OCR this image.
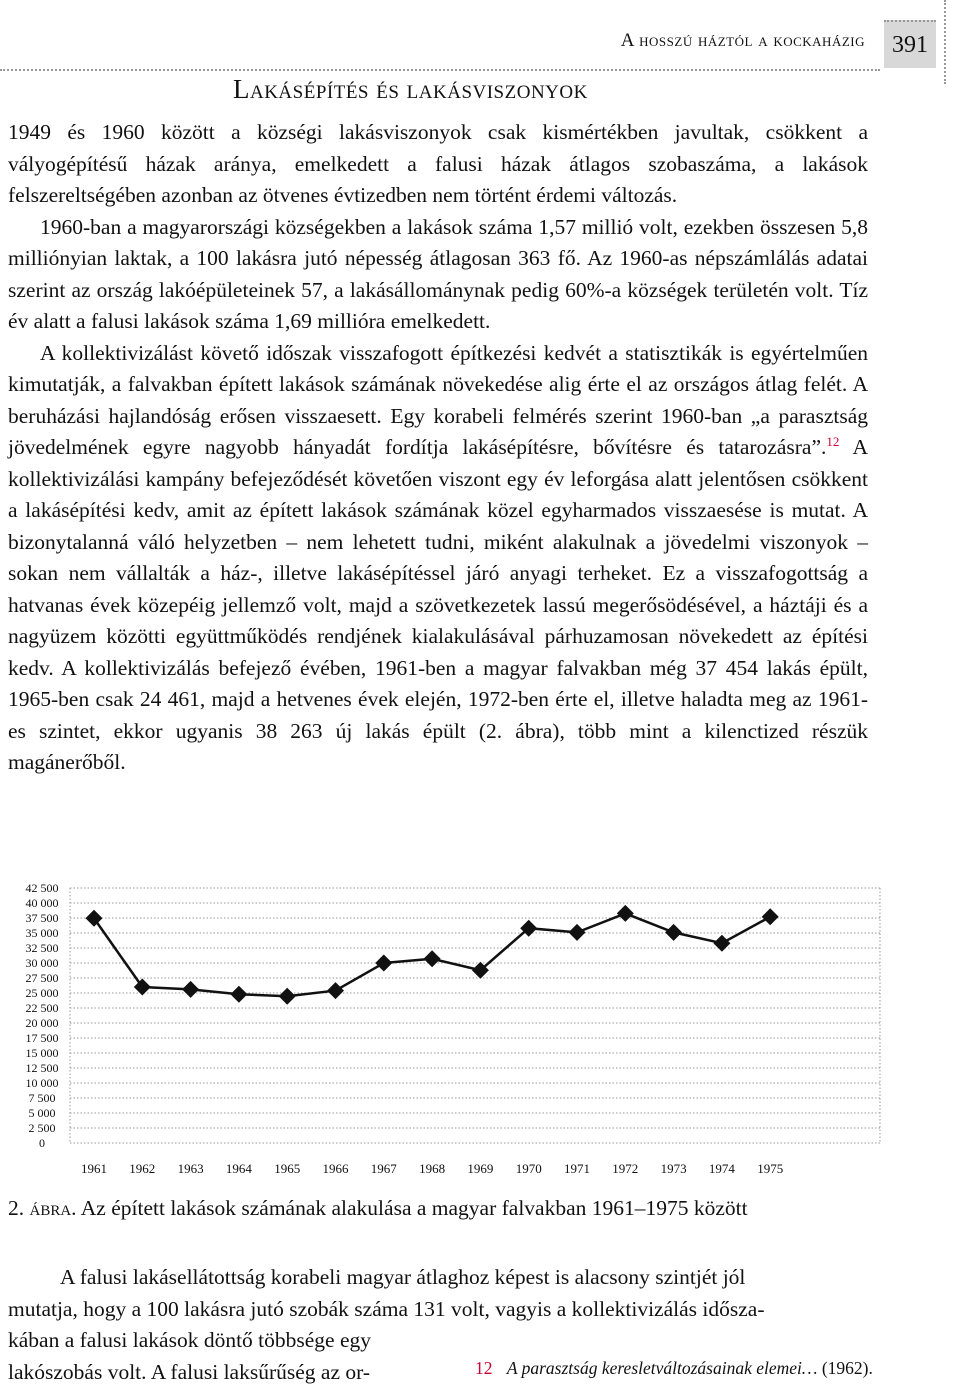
A hosszú háztól a kockaházig	391
Lakásépítés és lakásviszonyok

1949 és 1960 között a községi lakásviszonyok csak kismértékben javultak, csökkent a vályogépítésű házak aránya, emelkedett a falusi házak átlagos szobaszáma, a lakások felszereltségében azonban az ötvenes évtizedben nem történt érdemi változás.

1960-ban a magyarországi községekben a lakások száma 1,57 millió volt, ezekben összesen 5,8 milliónyian laktak, a 100 lakásra jutó népesség átlagosan 363 fő. Az 1960-as népszámlálás adatai szerint az ország lakóépületeinek 57, a lakásállománynak pedig 60%-a községek területén volt. Tíz év alatt a falusi lakások száma 1,69 millióra emelkedett.

A kollektivizálást követő időszak visszafogott építkezési kedvét a statisztikák is egyértelműen kimutatják, a falvakban épített lakások számának növekedése alig érte el az országos átlag felét. A beruházási hajlandóság erősen visszaesett. Egy korabeli felmérés szerint 1960-ban „a parasztság jövedelmének egyre nagyobb hányadát fordítja lakásépítésre, bővítésre és tatarozásra”.$^{12}$ A kollektivizálási kampány befejeződését követően viszont egy év leforgása alatt jelentősen csökkent a lakásépítési kedv, amit az épített lakások számának közel egyharmados visszaesése is mutat. A bizonytalanná váló helyzetben – nem lehetett tudni, miként alakulnak a jövedelmi viszonyok – sokan nem vállalták a ház-, illetve lakásépítéssel járó anyagi terheket. Ez a visszafogottság a hatvanas évek közepéig jellemző volt, majd a szövetkezetek lassú megerősödésével, a háztáji és a nagyüzem közötti együttműködés rendjének kialakulásával párhuzamosan növekedett az építési kedv. A kollektivizálás befejező évében, 1961-ben a magyar falvakban még 37 454 lakás épült, 1965-ben csak 24 461, majd a hetvenes évek elején, 1972-ben érte el, illetve haladta meg az 1961-es szintet, ekkor ugyanis 38 263 új lakás épült (2. ábra), több mint a kilenctized részük magánerőből.

42 500
40 000
37 500
35 000
32 500
30 000
27 500
25 000
22 500
20 000
17 500
15 000
12 500
10 000
7 500
5 000
2 500
0
1961 1962 1963 1964 1965 1966 1967 1968 1969 1970 1971 1972 1973 1974 1975
2. ábra. Az épített lakások számának alakulása a magyar falvakban 1961–1975 között
A falusi lakásellátottság korabeli magyar átlaghoz képest is alacsony szintjét jól
mutatja, hogy a 100 lakásra jutó szobák száma 131 volt, vagyis a kollektivizálás idősza-
kában a falusi lakások döntő többsége egy
lakószobás volt. A falusi laksűrűség az or-	12 A parasztság keresletváltozásainak elemei… (1962).
